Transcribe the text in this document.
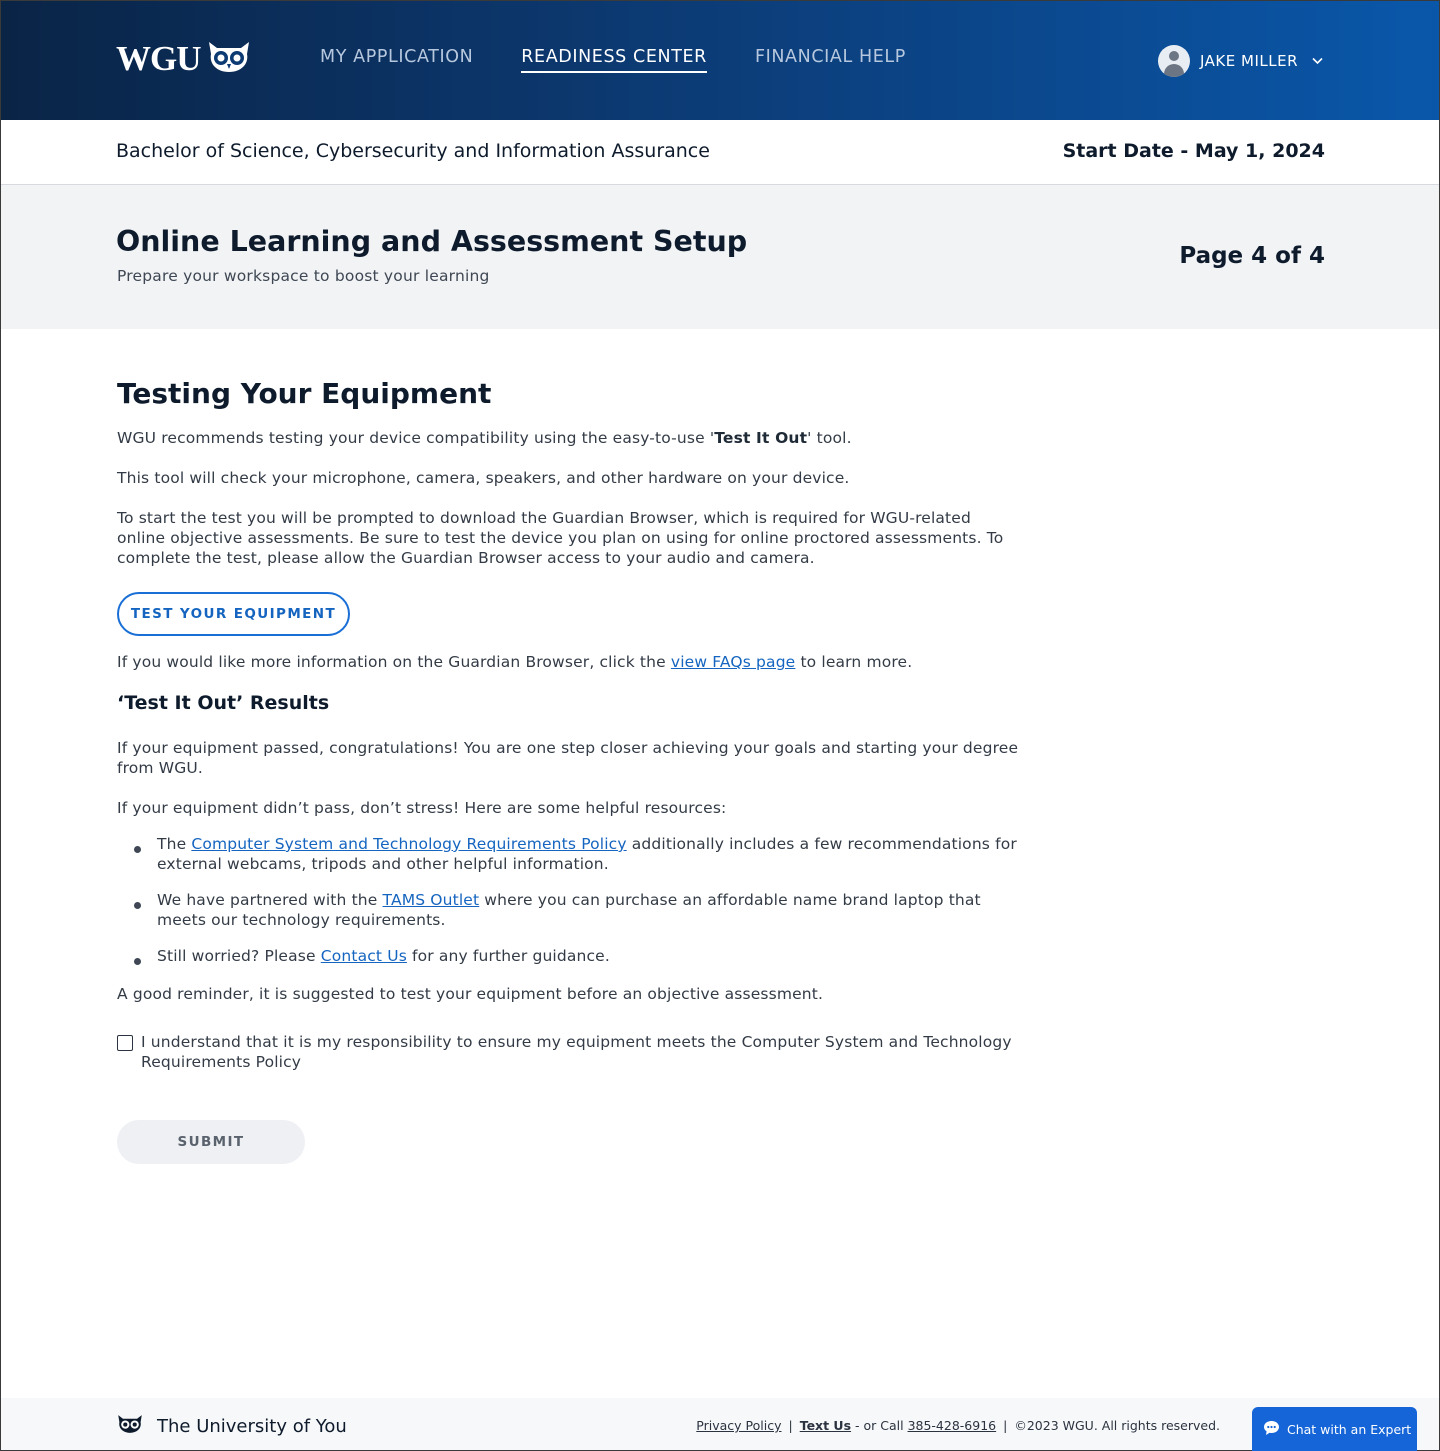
WGU	MY APPLICATION	READINESS CENTER	FINANCIAL HELP	JAKE MILLER
Bachelor of Science, Cybersecurity and Information Assurance	Start Date - May 1, 2024
Online Learning and Assessment Setup
Prepare your workspace to boost your learning
Page 4 of 4
Testing Your Equipment

WGU recommends testing your device compatibility using the easy-to-use 'Test It Out' tool.

This tool will check your microphone, camera, speakers, and other hardware on your device.

To start the test you will be prompted to download the Guardian Browser, which is required for WGU-related online objective assessments. Be sure to test the device you plan on using for online proctored assessments. To complete the test, please allow the Guardian Browser access to your audio and camera.

TEST YOUR EQUIPMENT

If you would like more information on the Guardian Browser, click the view FAQs page to learn more.

‘Test It Out’ Results

If your equipment passed, congratulations! You are one step closer achieving your goals and starting your degree from WGU.

If your equipment didn’t pass, don’t stress! Here are some helpful resources:

The Computer System and Technology Requirements Policy additionally includes a few recommendations for external webcams, tripods and other helpful information.
We have partnered with the TAMS Outlet where you can purchase an affordable name brand laptop that meets our technology requirements.
Still worried? Please Contact Us for any further guidance.

A good reminder, it is suggested to test your equipment before an objective assessment.

I understand that it is my responsibility to ensure my equipment meets the Computer System and Technology Requirements Policy
SUBMIT
The University of You	Privacy Policy | Text Us - or Call 385-428-6916 | ©2023 WGU. All rights reserved.	Chat with an Expert
